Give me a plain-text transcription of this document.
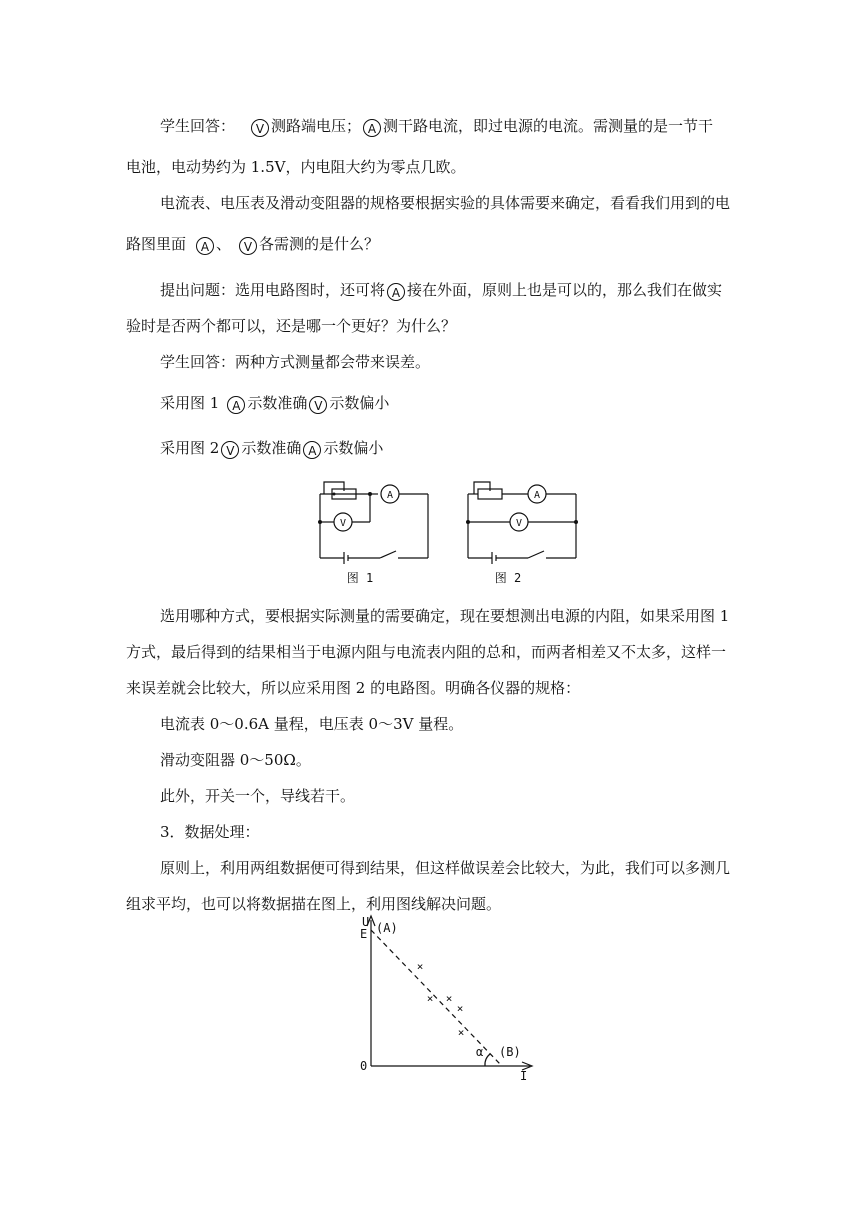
学生回答： V 测路端电压； A 测干路电流，即过电源的电流。需测量的是一节干
电池，电动势约为 1.5V，内电阻大约为零点几欧。
电流表、电压表及滑动变阻器的规格要根据实验的具体需要来确定，看看我们用到的电
路图里面 A 、 V 各需测的是什么？
提出问题：选用电路图时，还可将 A 接在外面，原则上也是可以的，那么我们在做实
验时是否两个都可以，还是哪一个更好？为什么？
学生回答：两种方式测量都会带来误差。
采用图 1 A 示数准确 V 示数偏小
采用图 2 V 示数准确 A 示数偏小
A
V
图 1
A
V
图 2
选用哪种方式，要根据实际测量的需要确定，现在要想测出电源的内阻，如果采用图 1
方式，最后得到的结果相当于电源内阻与电流表内阻的总和，而两者相差又不太多，这样一
来误差就会比较大，所以应采用图 2 的电路图。明确各仪器的规格：
电流表 0～0.6A 量程，电压表 0～3V 量程。
滑动变阻器 0～50Ω。
此外，开关一个，导线若干。
3．数据处理：
原则上，利用两组数据便可得到结果，但这样做误差会比较大，为此，我们可以多测几
组求平均，也可以将数据描在图上，利用图线解决问题。
U
E (A)
0
I
(B)
α
×
× ×
×
×
